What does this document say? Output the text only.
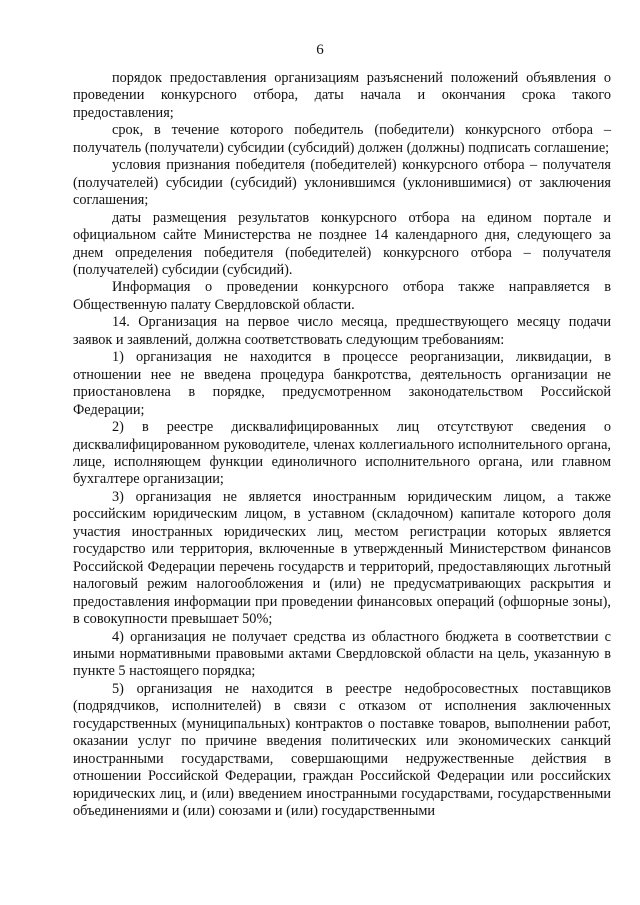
6

порядок предоставления организациям разъяснений положений объявления о проведении конкурсного отбора, даты начала и окончания срока такого предоставления;

срок, в течение которого победитель (победители) конкурсного отбора – получатель (получатели) субсидии (субсидий) должен (должны) подписать соглашение;

условия признания победителя (победителей) конкурсного отбора – получателя (получателей) субсидии (субсидий) уклонившимся (уклонившимися) от заключения соглашения;

даты размещения результатов конкурсного отбора на едином портале и официальном сайте Министерства не позднее 14 календарного дня, следующего за днем определения победителя (победителей) конкурсного отбора – получателя (получателей) субсидии (субсидий).

Информация о проведении конкурсного отбора также направляется в Общественную палату Свердловской области.

14. Организация на первое число месяца, предшествующего месяцу подачи заявок и заявлений, должна соответствовать следующим требованиям:

1) организация не находится в процессе реорганизации, ликвидации, в отношении нее не введена процедура банкротства, деятельность организации не приостановлена в порядке, предусмотренном законодательством Российской Федерации;

2) в реестре дисквалифицированных лиц отсутствуют сведения о дисквалифицированном руководителе, членах коллегиального исполнительного органа, лице, исполняющем функции единоличного исполнительного органа, или главном бухгалтере организации;

3) организация не является иностранным юридическим лицом, а также российским юридическим лицом, в уставном (складочном) капитале которого доля участия иностранных юридических лиц, местом регистрации которых является государство или территория, включенные в утвержденный Министерством финансов Российской Федерации перечень государств и территорий, предоставляющих льготный налоговый режим налогообложения и (или) не предусматривающих раскрытия и предоставления информации при проведении финансовых операций (офшорные зоны), в совокупности превышает 50%;

4) организация не получает средства из областного бюджета в соответствии с иными нормативными правовыми актами Свердловской области на цель, указанную в пункте 5 настоящего порядка;

5) организация не находится в реестре недобросовестных поставщиков (подрядчиков, исполнителей) в связи с отказом от исполнения заключенных государственных (муниципальных) контрактов о поставке товаров, выполнении работ, оказании услуг по причине введения политических или экономических санкций иностранными государствами, совершающими недружественные действия в отношении Российской Федерации, граждан Российской Федерации или российских юридических лиц, и (или) введением иностранными государствами, государственными объединениями и (или) союзами и (или) государственными
